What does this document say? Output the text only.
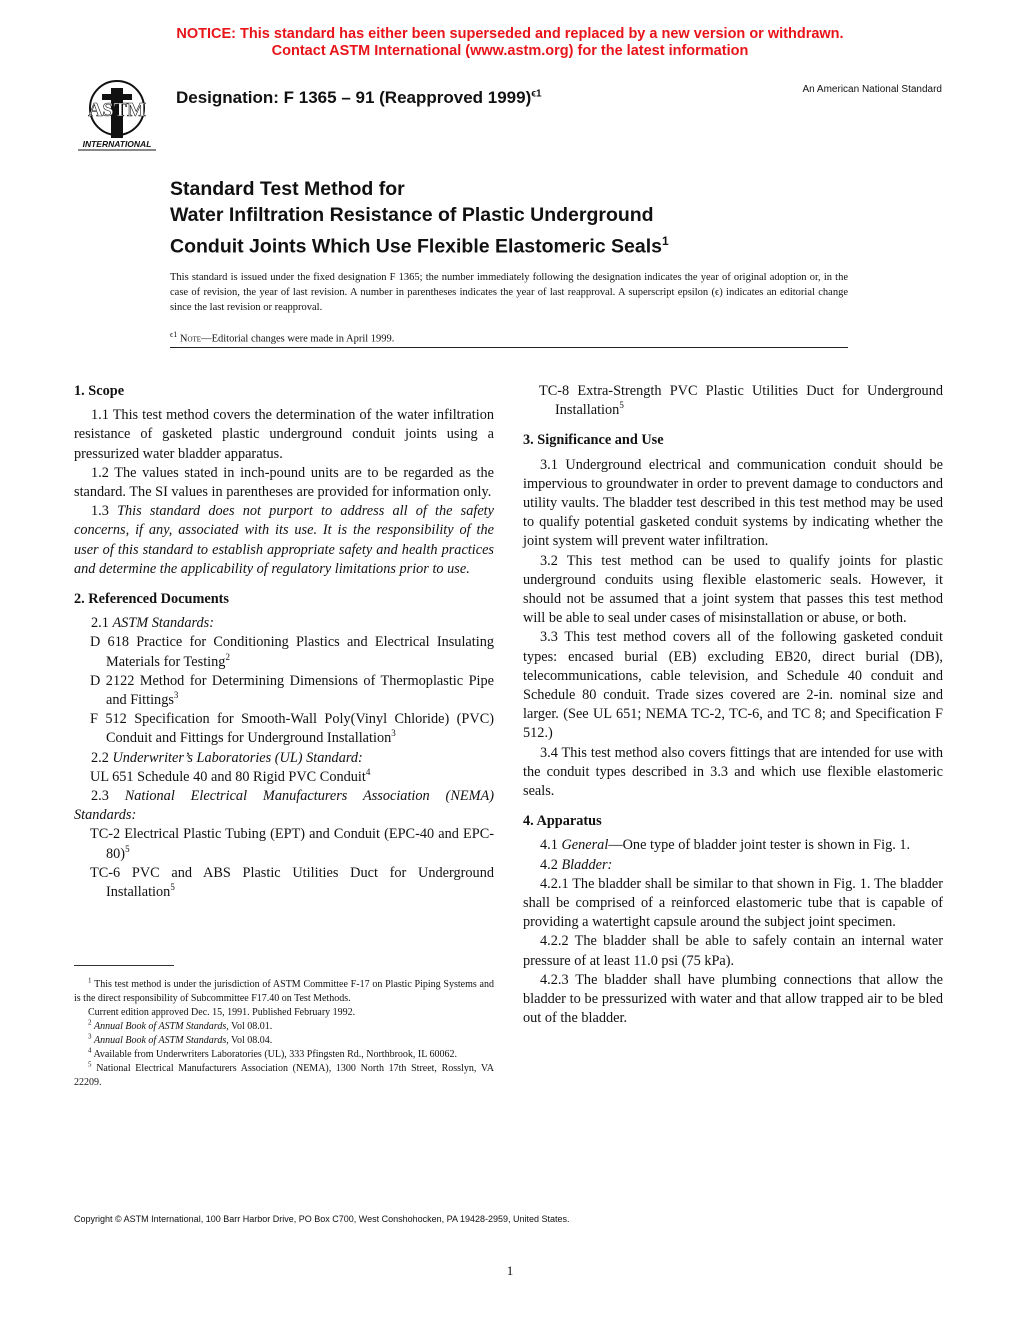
NOTICE: This standard has either been superseded and replaced by a new version or withdrawn.
Contact ASTM International (www.astm.org) for the latest information
ASTM
INTERNATIONAL
Designation: F 1365 – 91 (Reapproved 1999)$^{\epsilon 1}$	An American National Standard
Standard Test Method for
Water Infiltration Resistance of Plastic Underground
Conduit Joints Which Use Flexible Elastomeric Seals$^1$
This standard is issued under the fixed designation F 1365; the number immediately following the designation indicates the year of original adoption or, in the case of revision, the year of last revision. A number in parentheses indicates the year of last reapproval. A superscript epsilon (ϵ) indicates an editorial change since the last revision or reapproval.
$^{\epsilon 1}$ Note—Editorial changes were made in April 1999.
1. Scope

1.1 This test method covers the determination of the water infiltration resistance of gasketed plastic underground conduit joints using a pressurized water bladder apparatus.

1.2 The values stated in inch-pound units are to be regarded as the standard. The SI values in parentheses are provided for information only.

1.3 This standard does not purport to address all of the safety concerns, if any, associated with its use. It is the responsibility of the user of this standard to establish appropriate safety and health practices and determine the applicability of regulatory limitations prior to use.

2. Referenced Documents

2.1 ASTM Standards:

D 618 Practice for Conditioning Plastics and Electrical Insulating Materials for Testing$^2$

D 2122 Method for Determining Dimensions of Thermoplastic Pipe and Fittings$^3$

F 512 Specification for Smooth-Wall Poly(Vinyl Chloride) (PVC) Conduit and Fittings for Underground Installation$^3$

2.2 Underwriter’s Laboratories (UL) Standard:

UL 651 Schedule 40 and 80 Rigid PVC Conduit$^4$

2.3 National Electrical Manufacturers Association (NEMA) Standards:

TC-2 Electrical Plastic Tubing (EPT) and Conduit (EPC-40 and EPC-80)$^5$

TC-6 PVC and ABS Plastic Utilities Duct for Underground Installation$^5$

$^1$ This test method is under the jurisdiction of ASTM Committee F-17 on Plastic Piping Systems and is the direct responsibility of Subcommittee F17.40 on Test Methods.

Current edition approved Dec. 15, 1991. Published February 1992.

$^2$ Annual Book of ASTM Standards, Vol 08.01.

$^3$ Annual Book of ASTM Standards, Vol 08.04.

$^4$ Available from Underwriters Laboratories (UL), 333 Pfingsten Rd., Northbrook, IL 60062.

$^5$ National Electrical Manufacturers Association (NEMA), 1300 North 17th Street, Rosslyn, VA 22209.

TC-8 Extra-Strength PVC Plastic Utilities Duct for Underground Installation$^5$

3. Significance and Use

3.1 Underground electrical and communication conduit should be impervious to groundwater in order to prevent damage to conductors and utility vaults. The bladder test described in this test method may be used to qualify potential gasketed conduit systems by indicating whether the joint system will prevent water infiltration.

3.2 This test method can be used to qualify joints for plastic underground conduits using flexible elastomeric seals. However, it should not be assumed that a joint system that passes this test method will be able to seal under cases of misinstallation or abuse, or both.

3.3 This test method covers all of the following gasketed conduit types: encased burial (EB) excluding EB20, direct burial (DB), telecommunications, cable television, and Schedule 40 conduit and Schedule 80 conduit. Trade sizes covered are 2-in. nominal size and larger. (See UL 651; NEMA TC-2, TC-6, and TC 8; and Specification F 512.)

3.4 This test method also covers fittings that are intended for use with the conduit types described in 3.3 and which use flexible elastomeric seals.

4. Apparatus

4.1 General—One type of bladder joint tester is shown in Fig. 1.

4.2 Bladder:

4.2.1 The bladder shall be similar to that shown in Fig. 1. The bladder shall be comprised of a reinforced elastomeric tube that is capable of providing a watertight capsule around the subject joint specimen.

4.2.2 The bladder shall be able to safely contain an internal water pressure of at least 11.0 psi (75 kPa).

4.2.3 The bladder shall have plumbing connections that allow the bladder to be pressurized with water and that allow trapped air to be bled out of the bladder.

Copyright © ASTM International, 100 Barr Harbor Drive, PO Box C700, West Conshohocken, PA 19428-2959, United States.
1
